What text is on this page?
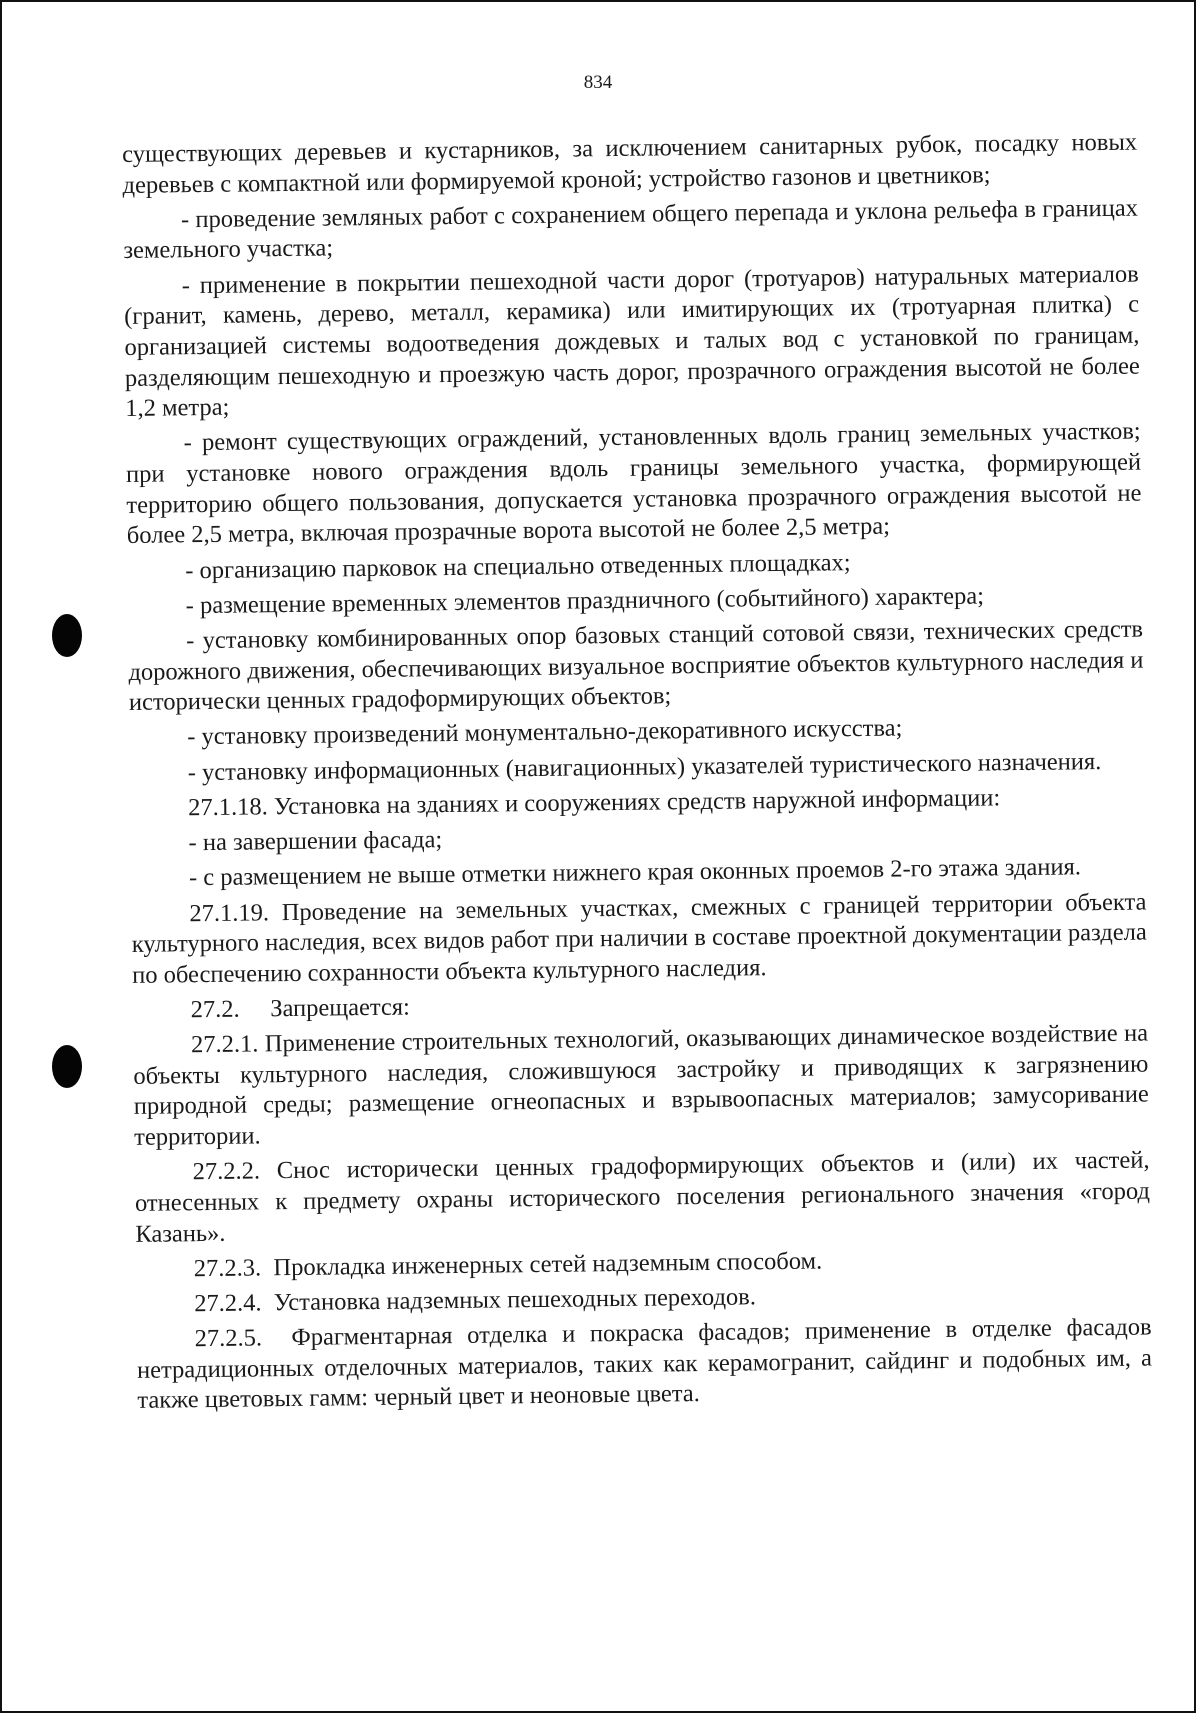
834

существующих деревьев и кустарников, за исключением санитарных рубок, посадку новых деревьев с компактной или формируемой кроной; устройство газонов и цветников;

- проведение земляных работ с сохранением общего перепада и уклона рельефа в границах земельного участка;

- применение в покрытии пешеходной части дорог (тротуаров) натуральных материалов (гранит, камень, дерево, металл, керамика) или имитирующих их (тротуарная плитка) с организацией системы водоотведения дождевых и талых вод с установкой по границам, разделяющим пешеходную и проезжую часть дорог, прозрачного ограждения высотой не более 1,2 метра;

- ремонт существующих ограждений, установленных вдоль границ земельных участков; при установке нового ограждения вдоль границы земельного участка, формирующей территорию общего пользования, допускается установка прозрачного ограждения высотой не более 2,5 метра, включая прозрачные ворота высотой не более 2,5 метра;

- организацию парковок на специально отведенных площадках;

- размещение временных элементов праздничного (событийного) характера;

- установку комбинированных опор базовых станций сотовой связи, технических средств дорожного движения, обеспечивающих визуальное восприятие объектов культурного наследия и исторически ценных градоформирующих объектов;

- установку произведений монументально-декоративного искусства;

- установку информационных (навигационных) указателей туристического назначения.

27.1.18. Установка на зданиях и сооружениях средств наружной информации:

- на завершении фасада;

- с размещением не выше отметки нижнего края оконных проемов 2-го этажа здания.

27.1.19. Проведение на земельных участках, смежных с границей территории объекта культурного наследия, всех видов работ при наличии в составе проектной документации раздела по обеспечению сохранности объекта культурного наследия.

27.2.     Запрещается:

27.2.1. Применение строительных технологий, оказывающих динамическое воздействие на объекты культурного наследия, сложившуюся застройку и приводящих к загрязнению природной среды; размещение огнеопасных и взрывоопасных материалов; замусоривание территории.

27.2.2. Снос исторически ценных градоформирующих объектов и (или) их частей, отнесенных к предмету охраны исторического поселения регионального значения «город Казань».

27.2.3.  Прокладка инженерных сетей надземным способом.

27.2.4.  Установка надземных пешеходных переходов.

27.2.5.  Фрагментарная отделка и покраска фасадов; применение в отделке фасадов нетрадиционных отделочных материалов, таких как керамогранит, сайдинг и подобных им, а также цветовых гамм: черный цвет и неоновые цвета.
